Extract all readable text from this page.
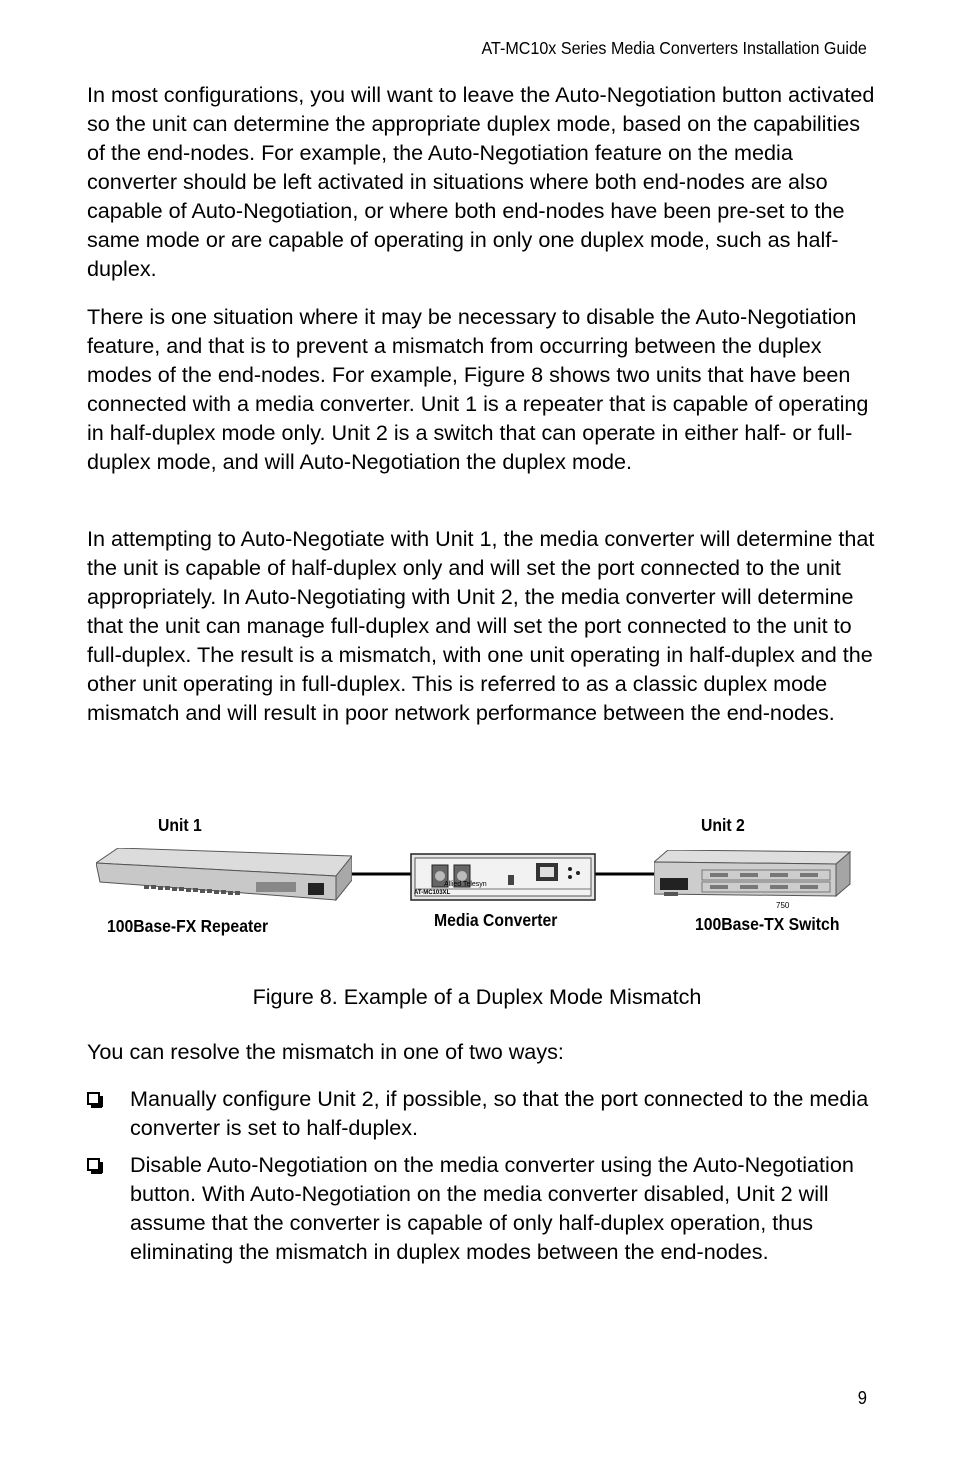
AT-MC10x Series Media Converters Installation Guide

In most configurations, you will want to leave the Auto-Negotiation button activated so the unit can determine the appropriate duplex mode, based on the capabilities of the end-nodes. For example, the Auto-Negotiation feature on the media converter should be left activated in situations where both end-nodes are also capable of Auto-Negotiation, or where both end-nodes have been pre-set to the same mode or are capable of operating in only one duplex mode, such as half-duplex.

There is one situation where it may be necessary to disable the Auto-Negotiation feature, and that is to prevent a mismatch from occurring between the duplex modes of the end-nodes. For example, Figure 8 shows two units that have been connected with a media converter. Unit 1 is a repeater that is capable of operating in half-duplex mode only. Unit 2 is a switch that can operate in either half- or full-duplex mode, and will Auto-Negotiation the duplex mode.

In attempting to Auto-Negotiate with Unit 1, the media converter will determine that the unit is capable of half-duplex only and will set the port connected to the unit appropriately. In Auto-Negotiating with Unit 2, the media converter will determine that the unit can manage full-duplex and will set the port connected to the unit to full-duplex. The result is a mismatch, with one unit operating in half-duplex and the other unit operating in full-duplex. This is referred to as a classic duplex mode mismatch and will result in poor network performance between the end-nodes.

Unit 1	Unit 2
Allied Telesyn
AT-MC103XL
750
100Base-FX Repeater	Media Converter	100Base-TX Switch
Figure 8. Example of a Duplex Mode Mismatch

You can resolve the mismatch in one of two ways:

Manually configure Unit 2, if possible, so that the port connected to the media converter is set to half-duplex.
Disable Auto-Negotiation on the media converter using the Auto-Negotiation button. With Auto-Negotiation on the media converter disabled, Unit 2 will assume that the converter is capable of only half-duplex operation, thus eliminating the mismatch in duplex modes between the end-nodes.
9
